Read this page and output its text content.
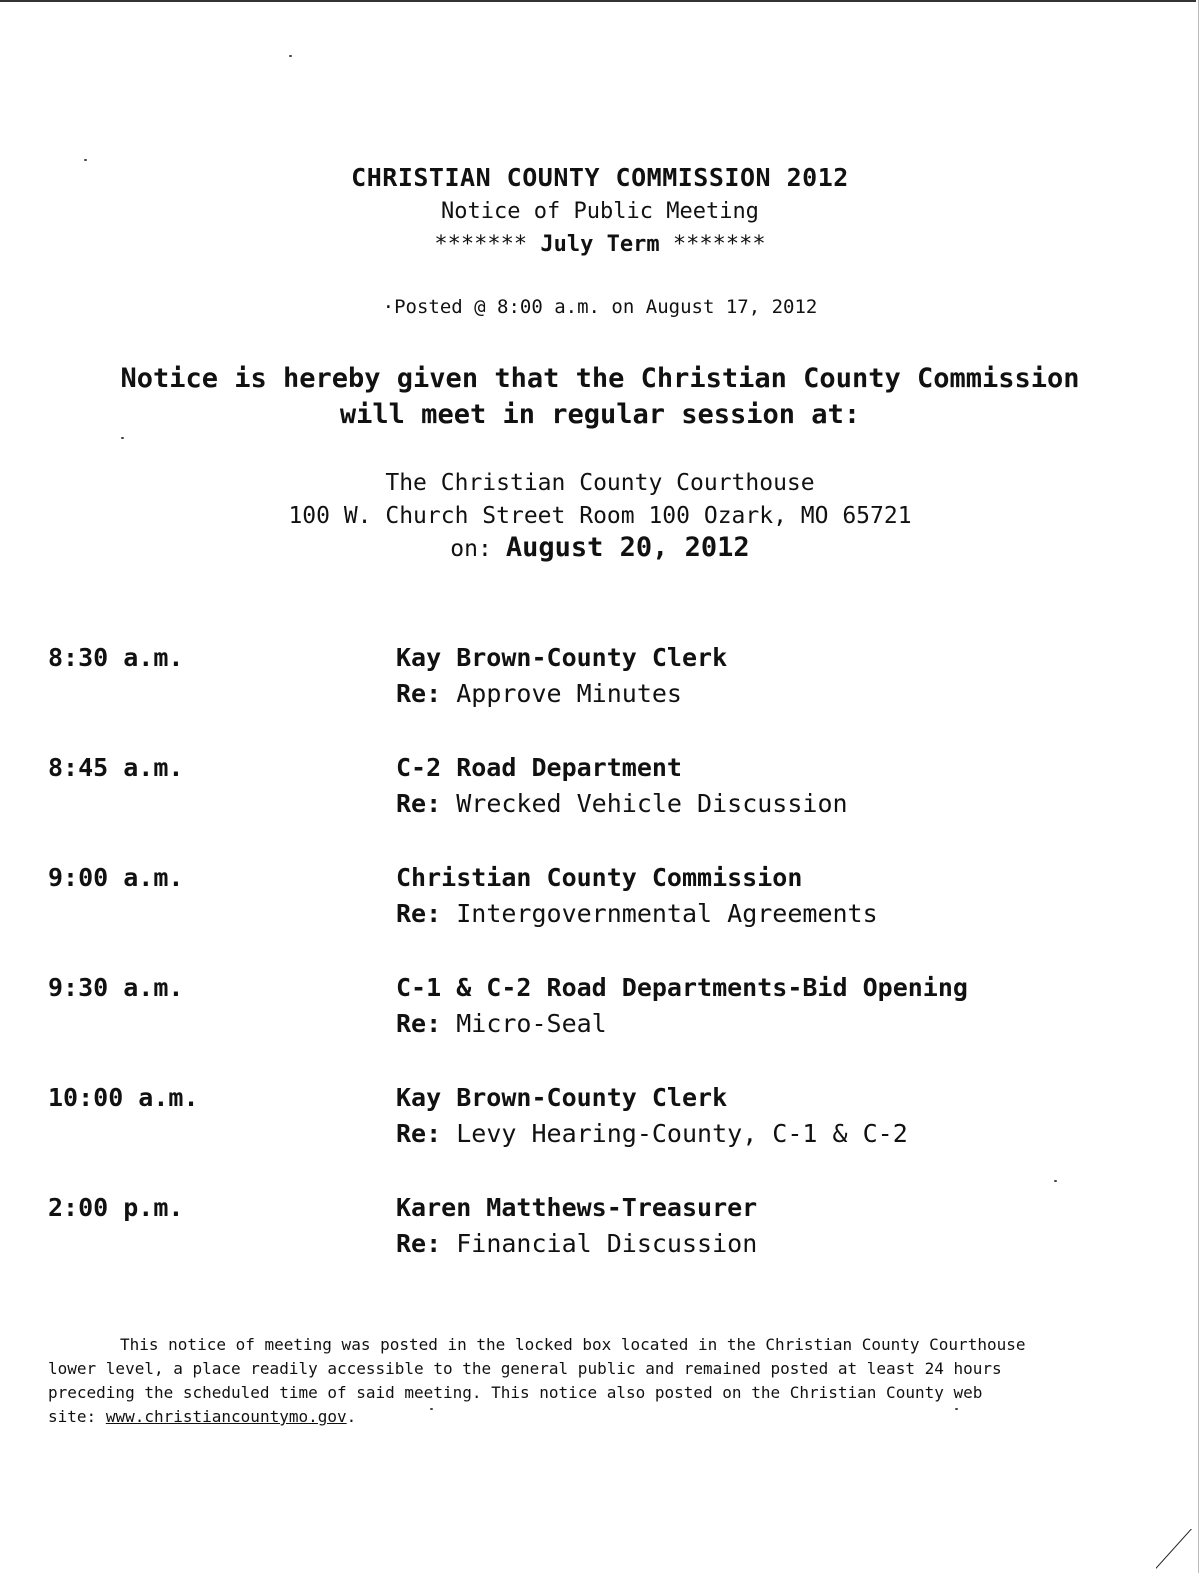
CHRISTIAN COUNTY COMMISSION 2012
Notice of Public Meeting
******* July Term *******
·Posted @ 8:00 a.m. on August 17, 2012
Notice is hereby given that the Christian County Commission
will meet in regular session at:
The Christian County Courthouse
100 W. Church Street Room 100 Ozark, MO 65721
on: August 20, 2012
8:30 a.m.	Kay Brown-County Clerk
Re: Approve Minutes
8:45 a.m.	C-2 Road Department
Re: Wrecked Vehicle Discussion
9:00 a.m.	Christian County Commission
Re: Intergovernmental Agreements
9:30 a.m.	C-1 & C-2 Road Departments-Bid Opening
Re: Micro-Seal
10:00 a.m.	Kay Brown-County Clerk
Re: Levy Hearing-County, C-1 & C-2
2:00 p.m.	Karen Matthews-Treasurer
Re: Financial Discussion
This notice of meeting was posted in the locked box located in the Christian County Courthouse
lower level, a place readily accessible to the general public and remained posted at least 24 hours
preceding the scheduled time of said meeting. This notice also posted on the Christian County web
site: www.christiancountymo.gov.
